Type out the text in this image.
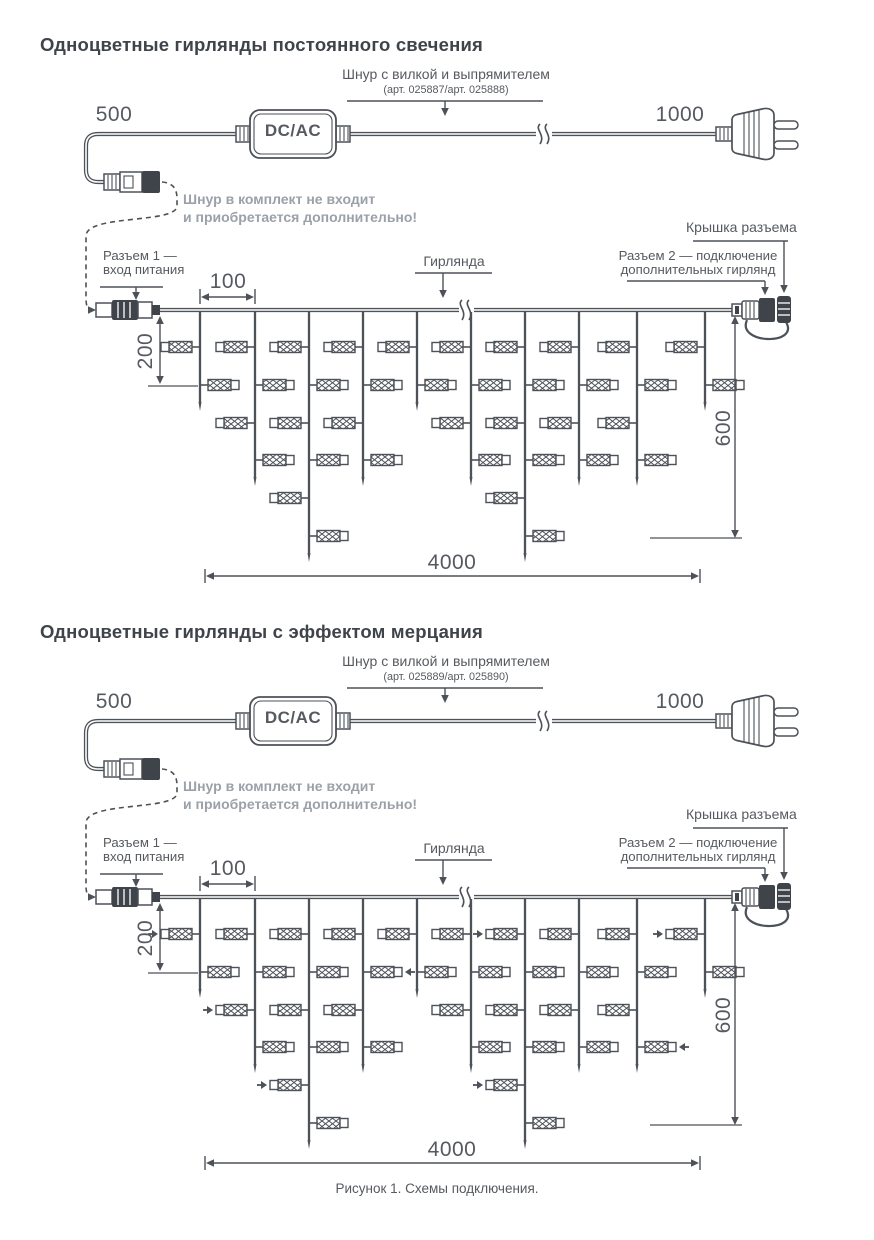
Одноцветные гирлянды постоянного свечения
500
Шнур с вилкой и выпрямителем
(арт. 025887/арт. 025888)
DC/AC
1000
Шнур в комплект не входит
и приобретается дополнительно!
Разъем 1 —
вход питания
Гирлянда
Крышка разъема
Разъем 2 — подключение
дополнительных гирлянд
100
200
600
4000
Одноцветные гирлянды с эффектом мерцания
500
Шнур с вилкой и выпрямителем
(арт. 025889/арт. 025890)
DC/AC
1000
Шнур в комплект не входит
и приобретается дополнительно!
Разъем 1 —
вход питания
Гирлянда
Крышка разъема
Разъем 2 — подключение
дополнительных гирлянд
100
200
600
4000
Рисунок 1. Схемы подключения.
